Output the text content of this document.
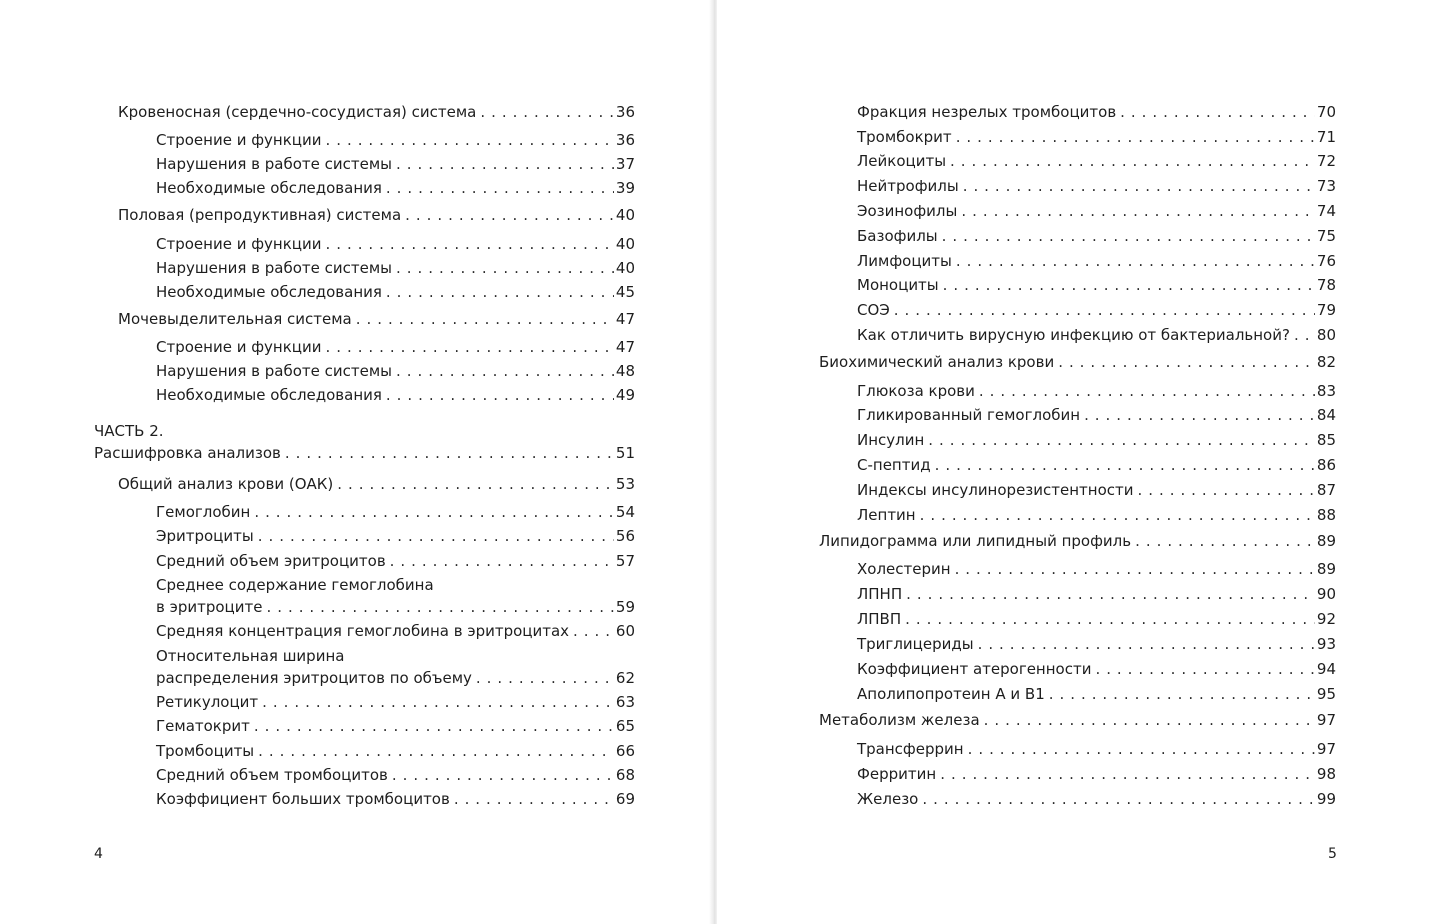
Кровеносная (сердечно-сосудистая) система . . .	36
Строение и функции . . .	36
Нарушения в работе системы . . .	37
Необходимые обследования . . .	39
Половая (репродуктивная) система . . .	40
Строение и функции . . .	40
Нарушения в работе системы . . .	40
Необходимые обследования . . .	45
Мочевыделительная система . . .	47
Строение и функции . . .	47
Нарушения в работе системы . . .	48
Необходимые обследования . . .	49
ЧАСТЬ 2.
Расшифровка анализов . . .	51
Общий анализ крови (ОАК) . . .	53
Гемоглобин . . .	54
Эритроциты . . .	56
Средний объем эритроцитов . . .	57
Среднее содержание гемоглобина
в эритроците . . .	59
Средняя концентрация гемоглобина в эритроцитах . . .	60
Относительная ширина
распределения эритроцитов по объему . . .	62
Ретикулоцит . . .	63
Гематокрит . . .	65
Тромбоциты . . .	66
Средний объем тромбоцитов . . .	68
Коэффициент больших тромбоцитов . . .	69
4
Фракция незрелых тромбоцитов . . .	70
Тромбокрит . . .	71
Лейкоциты . . .	72
Нейтрофилы . . .	73
Эозинофилы . . .	74
Базофилы . . .	75
Лимфоциты . . .	76
Моноциты . . .	78
СОЭ . . .	79
Как отличить вирусную инфекцию от бактериальной? . . . 80
Биохимический анализ крови . . .	82
Глюкоза крови . . .	83
Гликированный гемоглобин . . .	84
Инсулин . . .	85
С-пептид . . .	86
Индексы инсулинорезистентности . . .	87
Лептин . . .	88
Липидограмма или липидный профиль . . .	89
Холестерин . . .	89
ЛПНП . . .	90
ЛПВП . . .	92
Триглицериды . . .	93
Коэффициент атерогенности . . .	94
Аполипопротеин А и В1 . . .	95
Метаболизм железа . . .	97
Трансферрин . . .	97
Ферритин . . .	98
Железо . . .	99
5
